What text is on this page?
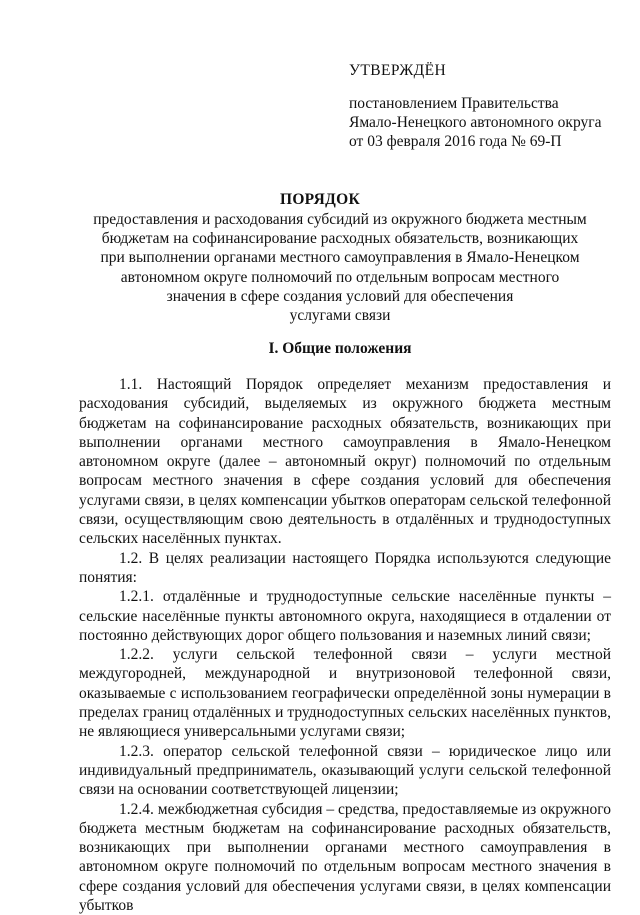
УТВЕРЖДЁН
постановлением Правительства
Ямало-Ненецкого автономного округа
от 03 февраля 2016 года № 69-П
ПОРЯДОК
предоставления и расходования субсидий из окружного бюджета местным
бюджетам на софинансирование расходных обязательств, возникающих
при выполнении органами местного самоуправления в Ямало-Ненецком
автономном округе полномочий по отдельным вопросам местного
значения в сфере создания условий для обеспечения
услугами связи
I. Общие положения

1.1. Настоящий Порядок определяет механизм предоставления и расходования субсидий, выделяемых из окружного бюджета местным бюджетам на софинансирование расходных обязательств, возникающих при выполнении органами местного самоуправления в Ямало-Ненецком автономном округе (далее – автономный округ) полномочий по отдельным вопросам местного значения в сфере создания условий для обеспечения услугами связи, в целях компенсации убытков операторам сельской телефонной связи, осуществляющим свою деятельность в отдалённых и труднодоступных сельских населённых пунктах.

1.2. В целях реализации настоящего Порядка используются следующие понятия:

1.2.1. отдалённые и труднодоступные сельские населённые пункты – сельские населённые пункты автономного округа, находящиеся в отдалении от постоянно действующих дорог общего пользования и наземных линий связи;

1.2.2. услуги сельской телефонной связи – услуги местной междугородней, международной и внутризоновой телефонной связи, оказываемые с использованием географически определённой зоны нумерации в пределах границ отдалённых и труднодоступных сельских населённых пунктов, не являющиеся универсальными услугами связи;

1.2.3. оператор сельской телефонной связи – юридическое лицо или индивидуальный предприниматель, оказывающий услуги сельской телефонной связи на основании соответствующей лицензии;

1.2.4. межбюджетная субсидия – средства, предоставляемые из окружного бюджета местным бюджетам на софинансирование расходных обязательств, возникающих при выполнении органами местного самоуправления в автономном округе полномочий по отдельным вопросам местного значения в сфере создания условий для обеспечения услугами связи, в целях компенсации убытков
